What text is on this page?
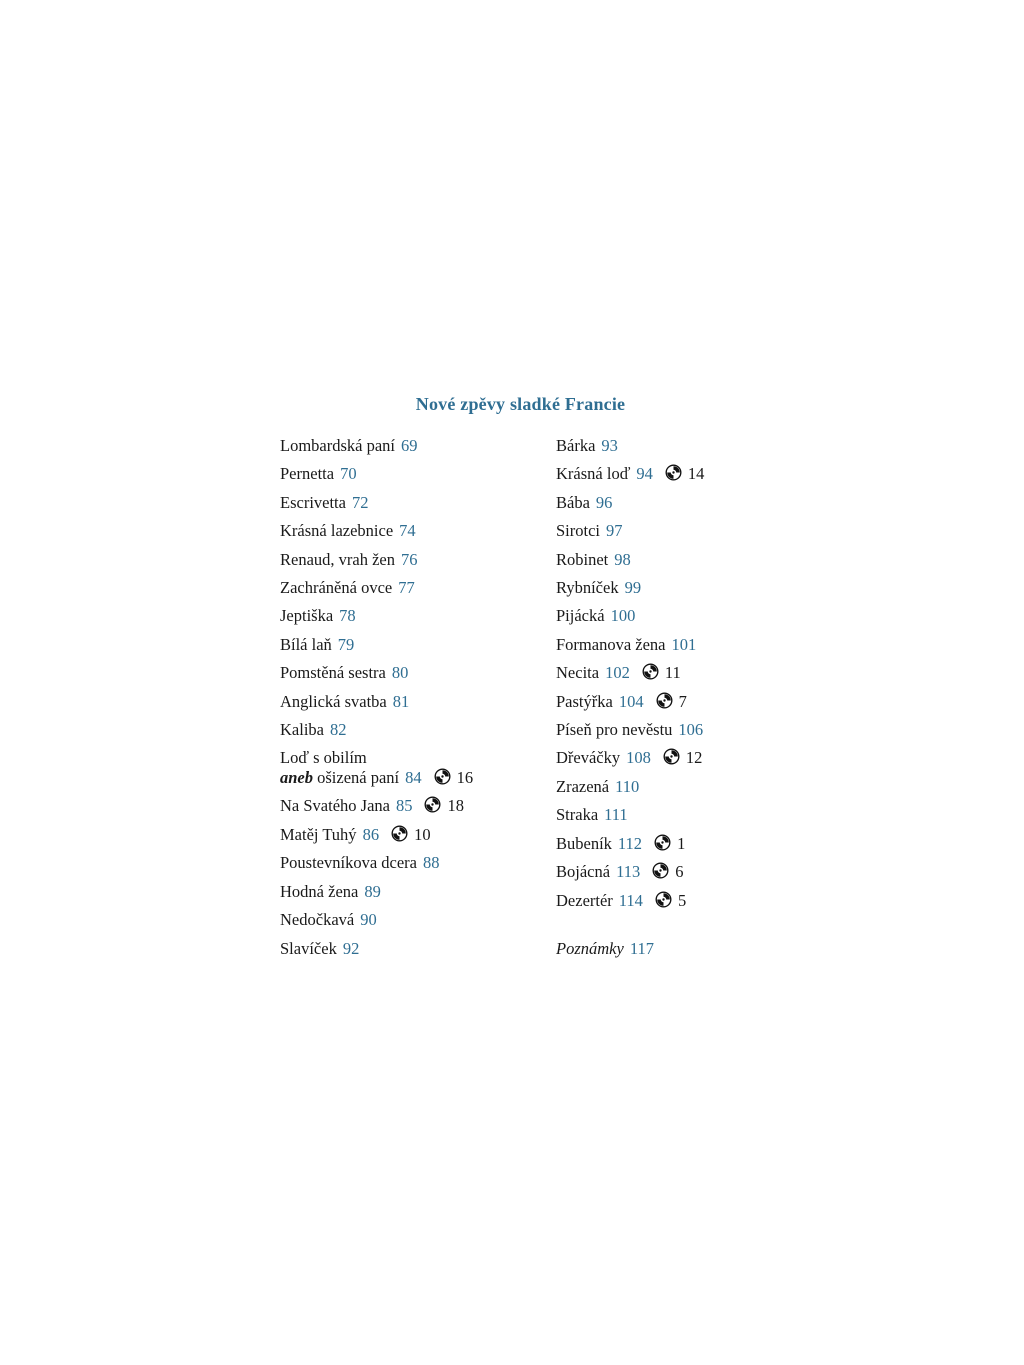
Nové zpěvy sladké Francie
Lombardská paní 69
Pernetta 70
Escrivetta 72
Krásná lazebnice 74
Renaud, vrah žen 76
Zachráněná ovce 77
Jeptiška 78
Bílá laň 79
Pomstěná sestra 80
Anglická svatba 81
Kaliba 82
Loď s obilím
aneb ošizená paní 84 16
Na Svatého Jana 85 18
Matěj Tuhý 86 10
Poustevníkova dcera 88
Hodná žena 89
Nedočkavá 90
Slavíček 92
Bárka 93
Krásná loď 94 14
Bába 96
Sirotci 97
Robinet 98
Rybníček 99
Pijácká 100
Formanova žena 101
Necita 102 11
Pastýřka 104 7
Píseň pro nevěstu 106
Dřeváčky 108 12
Zrazená 110
Straka 111
Bubeník 112 1
Bojácná 113 6
Dezertér 114 5
Poznámky 117
